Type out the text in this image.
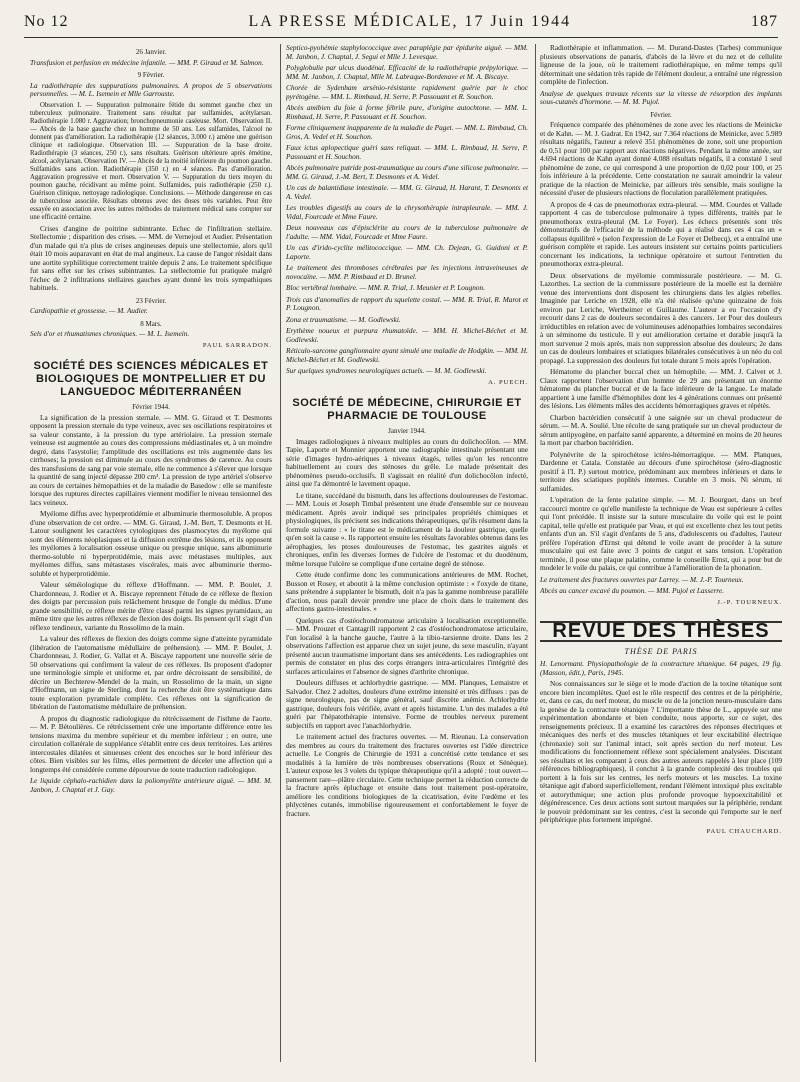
No 12	LA PRESSE MÉDICALE, 17 Juin 1944	187
26 Janvier.

Transfusion et perfusion en médecine infantile. — MM. P. Giraud et M. Salmon.

9 Février.

La radiothérapie des suppurations pulmonaires. A propos de 5 observations personnelles. — M. L. Isemein et Mlle Garrouste.

Observation I. — Suppuration pulmonaire fétide du sommet gauche chez un tuberculeux pulmonaire. Traitement sans résultat par sulfamides, acétylarsan. Radiothérapie 1.080 r. Aggravation; bronchopneumonie caséeuse. Mort. Observation II. — Abcès de la base gauche chez un homme de 50 ans. Les sulfamides, l'alcool ne donnent pas d'amélioration. La radiothérapie (12 séances, 3.000 r.) amène une guérison clinique et radiologique. Observation III. — Suppuration de la base droite. Radiothérapie (3 séances, 250 r.), sans résultats. Guérison ultérieure après émétine, alcool, acétylarsan. Observation IV. — Abcès de la moitié inférieure du poumon gauche. Sulfamides sans action. Radiothérapie (350 r.) en 4 séances. Pas d'amélioration. Aggravation progressive et mort. Observation V. — Suppuration du tiers moyen du poumon gauche, récidivant au même point. Sulfamides, puis radiothérapie (250 r.). Guérison clinique, nettoyage radiologique. Conclusions. — Méthode dangereuse en cas de tuberculose associée. Résultats obtenus avec des doses très variables. Peut être essayée en association avec les autres méthodes de traitement médical sans compter sur une efficacité certaine.

Crises d'angine de poitrine subintrante. Echec de l'infiltration stellaire. Stellectomie ; disparition des crises. — MM. de Vernejoul et Audier. Présentation d'un malade qui n'a plus de crises angineuses depuis une stellectomie, alors qu'il était 10 mois auparavant en état de mal angineux. La cause de l'angor résidait dans une aortite syphilitique correctement traitée depuis 2 ans. Le traitement spécifique fut sans effet sur les crises subintrantes. La stellectomie fut pratiquée malgré l'échec de 2 infiltrations stellaires gauches ayant donné les trois sympathiques habituels.

23 Février.

Cardiopathie et grossesse. — M. Audier.

8 Mars.

Sels d'or et rhumatismes chroniques. — M. L. Isemein.

PAUL SARRADON.
SOCIÉTÉ DES SCIENCES MÉDICALES ET BIOLOGIQUES DE MONTPELLIER ET DU LANGUEDOC MÉDITERRANÉEN
Février 1944.

La signification de la pression sternale. — MM. G. Giraud et T. Desmonts opposent la pression sternale du type veineux, avec ses oscillations respiratoires et sa valeur constante, à la pression du type artériolaire. La pression sternale veineuse est augmentée au cours des compressions médiastinales et, à un moindre degré, dans l'asystolie; l'amplitude des oscillations est très augmentée dans les cirrhoses; la pression est diminuée au cours des syndromes de carence. Au cours des transfusions de sang par voie sternale, elle ne commence à s'élever que lorsque la quantité de sang injecté dépasse 200 cm³. La pression de type artériel s'observe au cours de certaines hémopathies et de la maladie de Basedow : elle se manifeste lorsque des ruptures directes capillaires viennent modifier le niveau tensionnel des lacs veineux.

Myélome diffus avec hyperprotidémie et albuminurie thermosoluble. A propos d'une observation de cet ordre. — MM. G. Giraud, J.-M. Bert, T. Desmonts et H. Latour soulignent les caractères cytologiques des plasmocytes du myélome qui sont des éléments néoplasiques et la diffusion extrême des lésions, et ils opposent les myélomes à localisation osseuse unique ou presque unique, sans albuminurie thermo-soluble ni hyperprotidémie, mais avec métastases multiples, aux myélomes diffus, sans métastases viscérales, mais avec albuminurie thermo-soluble et hyperprotidémie.

Valeur séméiologique du réflexe d'Hoffmann. — MM. P. Boulet, J. Chardonneau, J. Rodier et A. Biscaye reprennent l'étude de ce réflexe de flexion des doigts par percussion puis relâchement brusque de l'ongle du médius. D'une grande sensibilité, ce réflexe mérite d'être classé parmi les signes pyramidaux, au même titre que les autres réflexes de flexion des doigts. Ils pensent qu'il s'agit d'un réflexe tendineux, variante du Rossolimo de la main.

La valeur des réflexes de flexion des doigts comme signe d'atteinte pyramidale (libération de l'automatisme médullaire de préhension). — MM. P. Boulet, J. Chardonneau, J. Rodier, G. Vallat et A. Biscaye rapportent une nouvelle série de 50 observations qui confirment la valeur de ces réflexes. Ils proposent d'adopter une terminologie simple et uniforme et, par ordre décroissant de sensibilité, de décrire un Bechterew-Mendel de la main, un Rossolimo de la main, un signe d'Hoffmann, un signe de Sterling, dont la recherche doit être systématique dans toute exploration pyramidale complète. Ces réflexes ont la signification de libération de l'automatisme médullaire de préhension.

A propos du diagnostic radiologique du rétrécissement de l'isthme de l'aorte. — M. P. Bétoulières. Ce rétrécissement crée une importante différence entre les tensions maxima du membre supérieur et du membre inférieur ; en outre, une circulation collatérale de suppléance s'établit entre ces deux territoires. Les artères intercostales dilatées et sinueuses créent des encoches sur le bord inférieur des côtes. Bien visibles sur les films, elles permettent de déceler une affection qui a longtemps été considérée comme dépourvue de toute traduction radiologique.

Le liquide céphalo-rachidien dans la poliomyélite antérieure aiguë. — MM. M. Janbon, J. Chaptal et J. Gay.

Septico-pyohémie staphylococcique avec paraplégie par épidurite aiguë. — MM. M. Janbon, J. Chaptal, J. Segui et Mlle J. Levesque.

Polyglobulie par ulcus duodénal. Efficacité de la radiothérapie prépylorique. — MM. M. Janbon, J. Chaptal, Mlle M. Labraque-Bordenave et M. A. Biscaye.

Chorée de Sydenham arsénio-résistante rapidement guérie par le choc pyrétogène. — MM. L. Rimbaud, H. Serre, P. Passouant et R. Souchon.

Abcès amibien du foie à forme fébrile pure, d'origine autochtone. — MM. L. Rimbaud, H. Serre, P. Passouant et H. Souchon.

Forme cliniquement inapparente de la maladie de Paget. — MM. L. Rimbaud, Ch. Gros, A. Vedel et H. Souchon.

Faux ictus aplopectique guéri sans reliquat. — MM. L. Rimbaud, H. Serre, P. Passouant et H. Souchon.

Abcès pulmonaire putride post-traumatique au cours d'une silicose pulmonaire. — MM. G. Giraud, J.-M. Bert, T. Desmonts et A. Vedel.

Un cas de balantidiase intestinale. — MM. G. Giraud, H. Harant, T. Desmonts et A. Vedel.

Les troubles digestifs au cours de la chrysothérapie intrapleurale. — MM. J. Vidal, Fourcade et Mme Faure.

Deux nouveaux cas d'épisclérite au cours de la tuberculose pulmonaire de l'adulte. — MM. Vidal, Fourcade et Mme Faure.

Un cas d'irido-cyclite mélitococcique. — MM. Ch. Dejean, G. Guidoni et P. Laporte.

Le traitement des thromboses cérébrales par les injections intraveineuses de novocaïne. — MM. P. Rimbaud et D. Brunel.

Bloc vertébral lombaire. — MM. R. Trial, J. Meunier et P. Lougnon.

Trois cas d'anomalies de rapport du squelette costal. — MM. R. Trial, R. Marot et P. Lougnon.

Zona et traumatisme. — M. Godlewski.

Erythème noueux et purpura rhumatoïde. — MM. H. Michel-Béchet et M. Godlewski.

Réticulo-sarcome ganglionnaire ayant simulé une maladie de Hodgkin. — MM. H. Michel-Béchet et M. Godlewski.

Sur quelques syndromes neurologiques actuels. — M. M. Godlewski.

A. PUECH.
SOCIÉTÉ DE MÉDECINE, CHIRURGIE ET PHARMACIE DE TOULOUSE
Janvier 1944.

Images radiologiques à niveaux multiples au cours du dolichocôlon. — MM. Tapie, Laporte et Monnier apportent une radiographie intestinale présentant une série d'images hydro-aériques à niveaux étagés, telles qu'on les rencontre habituellement au cours des sténoses du grêle. Le malade présentait des phénomènes pseudo-occlusifs. Il s'agissait en réalité d'un dolichocôlon infecté, ainsi que l'a démontré le lavement opaque.

Le titane, succédané du bismuth, dans les affections douloureuses de l'estomac. — MM. Louis et Joseph Timbal présentent une étude d'ensemble sur ce nouveau médicament. Après avoir indiqué ses principales propriétés chimiques et physiologiques, ils précisent ses indications thérapeutiques, qu'ils résument dans la formule suivante : « le titane est le médicament de la douleur gastrique, quelle qu'en soit la cause ». Ils rapportent ensuite les résultats favorables obtenus dans les aérophagies, les ptoses douloureuses de l'estomac, les gastrites aiguës et chroniques, enfin les diverses formes de l'ulcère de l'estomac et du duodénum, même lorsque l'ulcère se complique d'une certaine degré de sténose.

Cette étude confirme donc les communications antérieures de MM. Rochet, Busson et Rosey, et aboutit à la même conclusion optimiste : « l'oxyde de titane, sans prétendre à supplanter le bismuth, doit n'a pas la gamme nombreuse parallèle d'action, nous paraît devoir prendre une place de choix dans le traitement des affections gastro-intestinales. »

Quelques cas d'ostéochondromatose articulaire à localisation exceptionnelle. — MM. Prouzet et Cantagrill rapportent 2 cas d'ostéochondromatose articulaire, l'un localisé à la hanche gauche, l'autre à la tibio-tarsienne droite. Dans les 2 observations l'affection est apparue chez un sujet jeune, du sexe masculin, n'ayant présenté aucun traumatisme important dans ses antécédents. Les radiographies ont permis de constater en plus des corps étrangers intra-articulaires l'intégrité des surfaces articulaires et l'absence de signes d'arthrite chronique.

Douleurs diffuses et achlorhydrie gastrique. — MM. Planques, Lemaistre et Salvador. Chez 2 adultes, douleurs d'une extrême intensité et très diffuses : pas de signe neurologique, pas de signe général, sauf discrète anémie. Achlorhydrie gastrique, douleurs fois vérifiée, avant et après histamine. L'un des malades a été guéri par l'hépatothérapie intensive. Forme de troubles nerveux purement subjectifs en rapport avec l'anachlorhydrie.

Le traitement actuel des fractures ouvertes. — M. Rieunau. La conservation des membres au cours du traitement des fractures ouvertes est l'idée directrice actuelle. Le Congrès de Chirurgie de 1931 a concrétisé cette tendance et ses modalités à la lumière de très nombreuses observations (Roux et Sénèque). L'auteur expose les 3 volets du typique thérapeutique qu'il a adopté : tout ouvert—pansement rare—plâtre circulaire. Cette technique permet la réduction correcte de la fracture après épluchage et ensuite dans tout traitement post-opératoire, améliore les conditions biologiques de la cicatrisation, évite l'œdème et les phlyctènes cutanés, immobilise rigoureusement et confortablement le foyer de fracture.

Radiothérapie et inflammation. — M. Durand-Dastes (Tarbes) communique plusieurs observations de panaris, d'abcès de la lèvre et du nez et de cellulite ligneuse de la joue, où le traitement radiothérapique, en même temps qu'il déterminait une sédation très rapide de l'élément douleur, a entraîné une régression complète de l'infection.

Analyse de quelques travaux récents sur la vitesse de résorption des implants sous-cutanés d'hormone. — M. M. Pujol.

Février.

Fréquence comparée des phénomènes de zone avec les réactions de Meinicke et de Kahn. — M. J. Gadrat. En 1942, sur 7.364 réactions de Meinicke, avec 5.989 résultats négatifs, l'auteur a relevé 351 phénomènes de zone, soit une proportion de 0,51 pour 100 par rapport aux réactions négatives. Pendant la même année, sur 4.694 réactions de Kahn ayant donné 4.088 résultats négatifs, il a constaté 1 seul phénomène de zone, ce qui correspond à une proportion de 0,02 pour 100, et 25 fois inférieure à la précédente. Cette constatation ne saurait amoindrir la valeur pratique de la réaction de Meinicke, par ailleurs très sensible, mais souligne la nécessité d'user de plusieurs réactions de floculation parallèlement pratiquées.

A propos de 4 cas de pneumothorax extra-pleural. — MM. Courdes et Vallade rapportent 4 cas de tuberculose pulmonaire à types différents, traités par le pneumothorax extra-pleural (M. Le Foyer). Les échecs présentés sont très démonstratifs de l'efficacité de la méthode qui a réalisé dans ces 4 cas un « collapsus équilibré » (selon l'expression de Le Foyer et Delbecq), et a entraîné une guérison complète et rapide. Les auteurs insistent sur certains points particuliers concernant les indications, la technique opératoire et surtout l'entretien du pneumothorax extra-pleural.

Deux observations de myélomie commissurale postérieure. — M. G. Lazorthes. La section de la commissure postérieure de la moelle est la dernière venue des interventions dont disposent les chirurgiens dans les algies rebelles. Imaginée par Leriche en 1928, elle n'a été réalisée qu'une quinzaine de fois environ par Leriche, Wertheimer et Guillaume. L'auteur a eu l'occasion d'y recourir dans 2 cas de douleurs secondaires à des cancers. 1er Pour des douleurs irréductibles en relation avec de volumineuses adénopathies lombaires secondaires à un séminome du testicule. Il y eut amélioration certaine et durable jusqu'à la mort survenue 2 mois après, mais non suppression absolue des douleurs; 2e dans un cas de douleurs lombaires et sciatiques bilatérales consécutives à un néo du col propagé. La suppression des douleurs fut totale durant 5 mois après l'opération.

Hématome du plancher buccal chez un hémophile. — MM. J. Calvet et J. Claux rapportent l'observation d'un homme de 29 ans présentant un énorme hématome du plancher buccal et de la face inférieure de la langue. Le malade appartient à une famille d'hémophiles dont les 4 générations connues ont présenté des lésions. Les éléments mâles des accidents hémorragiques graves et répétés.

Charbon bactéridien consécutif à une saignée sur un cheval producteur de sérum. — M. A. Soulié. Une récolte de sang pratiquée sur un cheval producteur de sérum antipyogène, en parfaite santé apparente, a déterminé en moins de 20 heures la mort par charbon bactéridien.

Polynévrite de la spirochétose ictéro-hémorragique. — MM. Planques, Dardenne et Catala. Constatée au décours d'une spirochétose (séro-diagnostic positif à l'I. P.) surtout motrice, prédominant aux membres inférieurs et dans le territoire des sciatiques poplités internes. Curable en 3 mois. Ni sérum, ni sulfamides.

L'opération de la fente palatine simple. — M. J. Bourguet, dans un bref raccourci montre ce qu'elle manifeste la technique de Veau est supérieure à celles qui l'ont précédée. Il insiste sur la suture musculaire du voile qui est le point capital, telle qu'elle est pratiquée par Veau, et qui est excellente chez les tout petits enfants d'un an. S'il s'agit d'enfants de 5 ans, d'adolescents ou d'adultes, l'auteur préfère l'opération d'Ernst qui détend le voile avant de procéder à la suture musculaire qui est faite avec 3 points de catgut et sans tension. L'opération terminée, il pose une plaque palatine, comme le conseille Ernst, qui a pour but de modeler le voile du palais, ce qui contribue à l'amélioration de la phonation.

Le traitement des fractures ouvertes par Larrey. — M. J.-P. Tourneux.

Abcès au cancer excavé du poumon. — MM. Pujol et Lasserre.

J.-P. TOURNEUX.
REVUE DES THÈSES
THÈSE DE PARIS

H. Lenormant. Physiopathologie de la contracture tétanique. 64 pages, 19 fig. (Masson, édit.), Paris, 1945.

Nos connaissances sur le siège et le mode d'action de la toxine tétanique sont encore bien incomplètes. Quel est le rôle respectif des centres et de la périphérie, et, dans ce cas, du nerf moteur, du muscle ou de la jonction neuro-musculaire dans la genèse de la contracture tétanique ? L'importante thèse de L., appuyée sur une expérimentation abondante et bien conduite, nous apporte, sur ce sujet, des renseignements précieux. Il a examiné les caractères des réponses électriques et mécaniques des nerfs et des muscles tétaniques et leur excitabilité électrique (chronaxie) soit sur l'animal intact, soit après section du nerf moteur. Les modifications du fonctionnement réflexe sont spécialement analysées. Discutant ses résultats et les comparant à ceux des autres auteurs rappelés à leur place (109 références bibliographiques), il conclut à la grande complexité des troubles qui portent à la fois sur les centres, les nerfs moteurs et les muscles. La toxine tétanique agit d'abord superficiellement, rendant l'élément intoxiqué plus excitable et autorythmique; une action plus profonde provoque hypoexcitabilité et dégénérescence. Ces deux actions sont surtout marquées sur la périphérie, rendant le pouvoir prédominant sur les centres, c'est la seconde qui l'emporte sur le nerf périphérique plus fortement imprégné.

PAUL CHAUCHARD.
